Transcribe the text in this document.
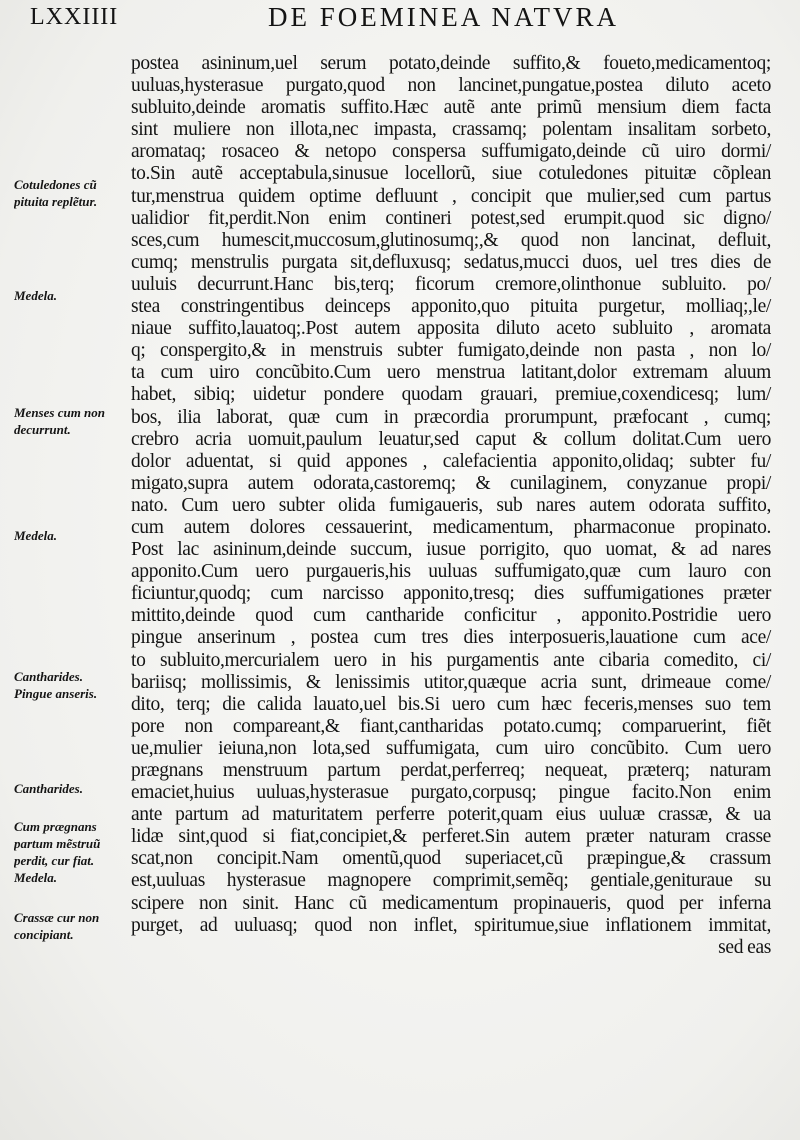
LXXIIII	DE FOEMINEA NATVRA
Cotuledones cũ
pituita replẽtur.
Medela.
Menses cum non
decurrunt.
Medela.
Cantharides.
Pingue anseris.
Cantharides.
Cum prægnans
partum mẽstruũ
perdit, cur fiat.
Medela.
Crassæ cur non
concipiant.
postea asininum,uel serum potato,deinde suffito,& foueto,medicamentoq;
uuluas,hysterasue purgato,quod non lancinet,pungatue,postea diluto aceto
subluito,deinde aromatis suffito.Hæc autẽ ante primũ mensium diem facta
sint muliere non illota,nec impasta, crassamq; polentam insalitam sorbeto,
aromataq; rosaceo & netopo conspersa suffumigato,deinde cũ uiro dormi/
to.Sin autẽ acceptabula,sinusue locellorũ, siue cotuledones pituitæ cõplean
tur,menstrua quidem optime defluunt , concipit que mulier,sed cum partus
ualidior fit,perdit.Non enim contineri potest,sed erumpit.quod sic digno/
sces,cum humescit,muccosum,glutinosumq;,& quod non lancinat, defluit,
cumq; menstrulis purgata sit,defluxusq; sedatus,mucci duos, uel tres dies de
uuluis decurrunt.Hanc bis,terq; ficorum cremore,olinthonue subluito. po/
stea constringentibus deinceps apponito,quo pituita purgetur, molliaq;,le/
niaue suffito,lauatoq;.Post autem apposita diluto aceto subluito , aromata
q; conspergito,& in menstruis subter fumigato,deinde non pasta , non lo/
ta cum uiro concũbito.Cum uero menstrua latitant,dolor extremam aluum
habet, sibiq; uidetur pondere quodam grauari, premiue,coxendicesq; lum/
bos, ilia laborat, quæ cum in præcordia prorumpunt, præfocant , cumq;
crebro acria uomuit,paulum leuatur,sed caput & collum dolitat.Cum uero
dolor aduentat, si quid appones , calefacientia apponito,olidaq; subter fu/
migato,supra autem odorata,castoremq; & cunilaginem, conyzanue propi/
nato. Cum uero subter olida fumigaueris, sub nares autem odorata suffito,
cum autem dolores cessauerint, medicamentum, pharmaconue propinato.
Post lac asininum,deinde succum, iusue porrigito, quo uomat, & ad nares
apponito.Cum uero purgaueris,his uuluas suffumigato,quæ cum lauro con
ficiuntur,quodq; cum narcisso apponito,tresq; dies suffumigationes præter
mittito,deinde quod cum cantharide conficitur , apponito.Postridie uero
pingue anserinum , postea cum tres dies interposueris,lauatione cum ace/
to subluito,mercurialem uero in his purgamentis ante cibaria comedito, ci/
bariisq; mollissimis, & lenissimis utitor,quæque acria sunt, drimeaue come/
dito, terq; die calida lauato,uel bis.Si uero cum hæc feceris,menses suo tem
pore non compareant,& fiant,cantharidas potato.cumq; comparuerint, fiẽt
ue,mulier ieiuna,non lota,sed suffumigata, cum uiro concũbito. Cum uero
prægnans menstruum partum perdat,perferreq; nequeat, præterq; naturam
emaciet,huius uuluas,hysterasue purgato,corpusq; pingue facito.Non enim
ante partum ad maturitatem perferre poterit,quam eius uuluæ crassæ, & ua
lidæ sint,quod si fiat,concipiet,& perferet.Sin autem præter naturam crasse
scat,non concipit.Nam omentũ,quod superiacet,cũ præpingue,& crassum
est,uuluas hysterasue magnopere comprimit,semẽq; gentiale,genituraue su
scipere non sinit. Hanc cũ medicamentum propinaueris, quod per inferna
purget, ad uuluasq; quod non inflet, spiritumue,siue inflationem immitat,
sed eas
